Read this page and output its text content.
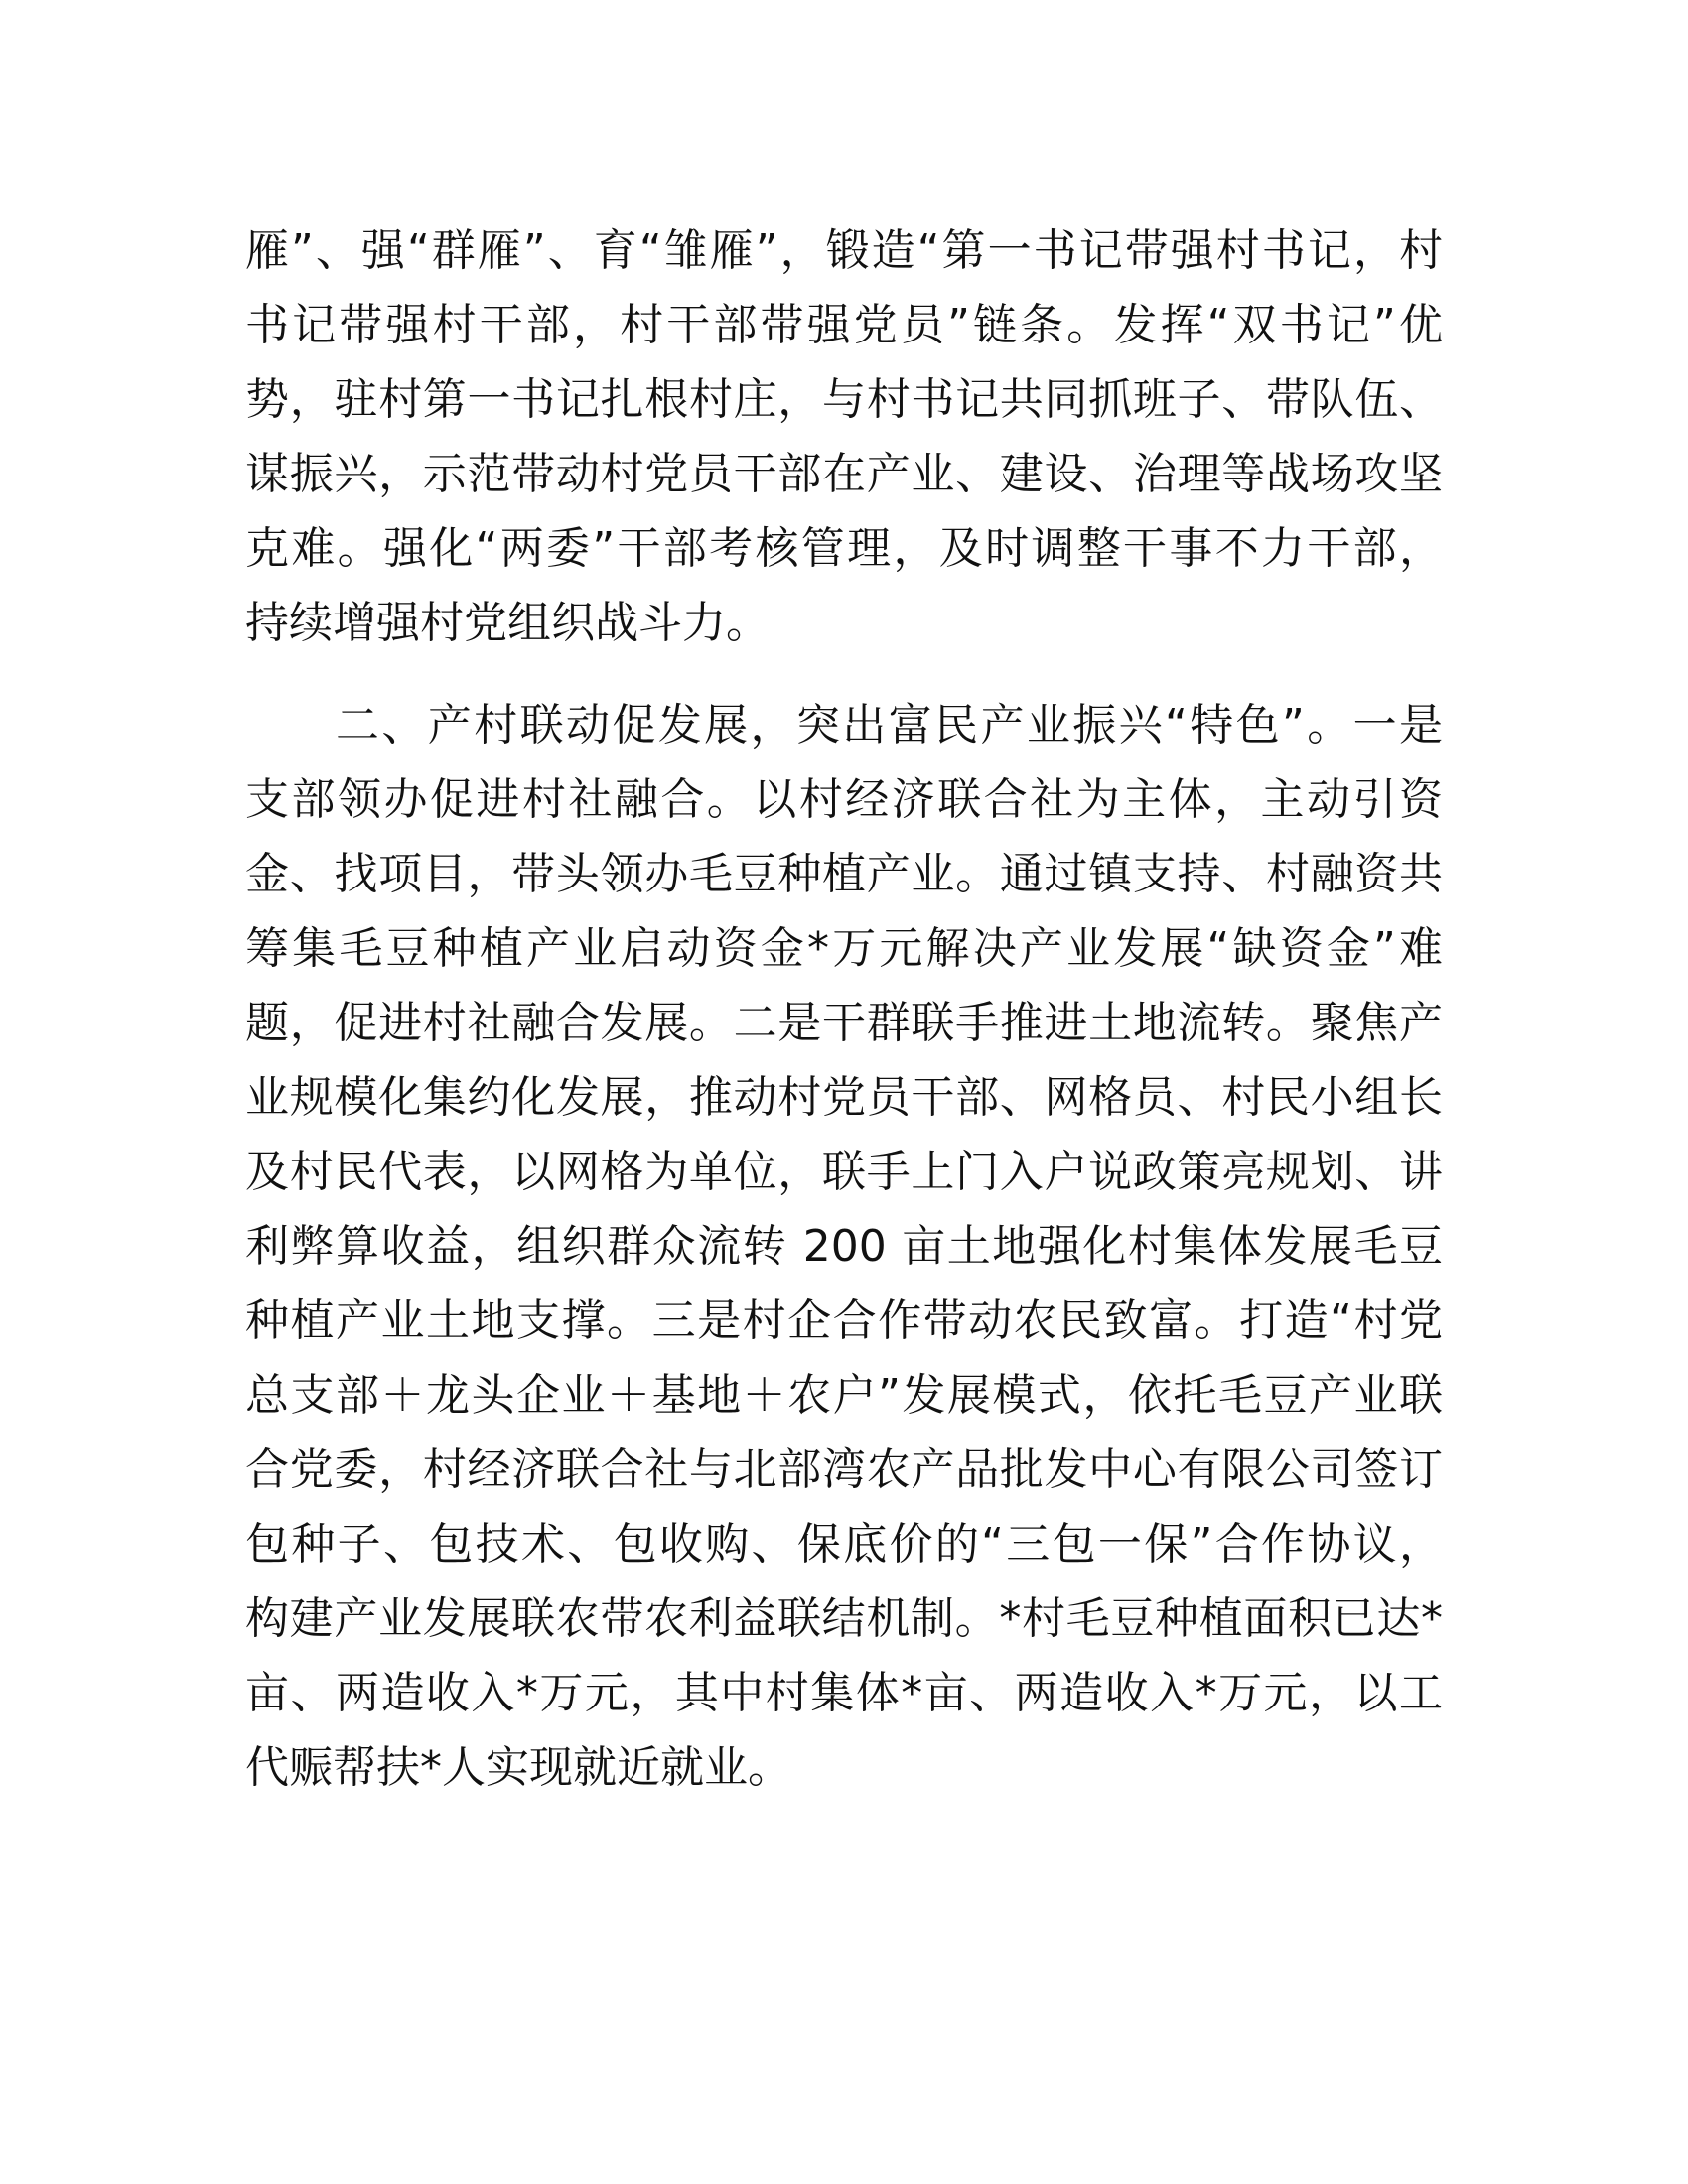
雁”、强“群雁”、育“雏雁”，锻造“第一书记带强村书记，村
书记带强村干部，村干部带强党员”链条。发挥“双书记”优
势，驻村第一书记扎根村庄，与村书记共同抓班子、带队伍、
谋振兴，示范带动村党员干部在产业、建设、治理等战场攻坚
克难。强化“两委”干部考核管理，及时调整干事不力干部，
持续增强村党组织战斗力。
二、产村联动促发展，突出富民产业振兴“特色”。一是
支部领办促进村社融合。以村经济联合社为主体，主动引资
金、找项目，带头领办毛豆种植产业。通过镇支持、村融资共
筹集毛豆种植产业启动资金*万元解决产业发展“缺资金”难
题，促进村社融合发展。二是干群联手推进土地流转。聚焦产
业规模化集约化发展，推动村党员干部、网格员、村民小组长
及村民代表，以网格为单位，联手上门入户说政策亮规划、讲
利弊算收益，组织群众流转 200 亩土地强化村集体发展毛豆
种植产业土地支撑。三是村企合作带动农民致富。打造“村党
总支部＋龙头企业＋基地＋农户”发展模式，依托毛豆产业联
合党委，村经济联合社与北部湾农产品批发中心有限公司签订
包种子、包技术、包收购、保底价的“三包一保”合作协议，
构建产业发展联农带农利益联结机制。*村毛豆种植面积已达*
亩、两造收入*万元，其中村集体*亩、两造收入*万元，以工
代赈帮扶*人实现就近就业。
